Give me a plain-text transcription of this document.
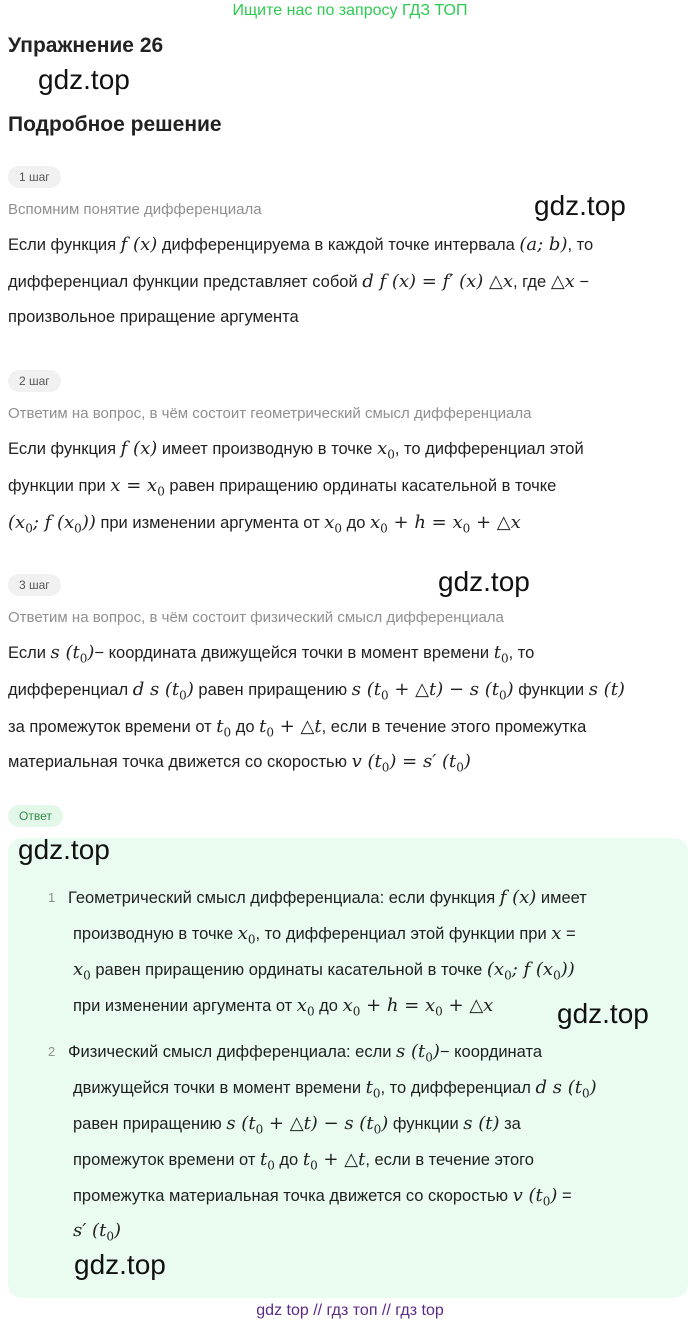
Ищите нас по запросу ГДЗ ТОП
Упражнение 26
gdz.top
Подробное решение
1 шаг
Вспомним понятие дифференциала	gdz.top
Если функция f (x) дифференцируема в каждой точке интервала (a; b), то
дифференциал функции представляет собой d f (x) = f′ (x) △x, где △x −
произвольное приращение аргумента
2 шаг
Ответим на вопрос, в чём состоит геометрический смысл дифференциала
Если функция f (x) имеет производную в точке $x_0$, то дифференциал этой
функции при $x = x_0$ равен приращению ординаты касательной в точке
($x_0$; f $(x_0)$) при изменении аргумента от $x_0$ до $x_0 + h = x_0$ + △x
3 шаг	gdz.top
Ответим на вопрос, в чём состоит физический смысл дифференциала
Если s $(t_0)-$ координата движущейся точки в момент времени $t_0$, то
дифференциал d s $(t_0)$ равен приращению s ($t_0$ + △t) − s $(t_0)$ функции s (t)
за промежуток времени от $t_0$ до $t_0$ + △t, если в течение этого промежутка
материальная точка движется со скоростью v $(t_0) = s'$ $(t_0)$
Ответ
gdz.top
1 Геометрический смысл дифференциала: если функция f (x) имеет
производную в точке $x_0$, то дифференциал этой функции при x =
$x_0$ равен приращению ординаты касательной в точке ($x_0$; f $(x_0)$)
при изменении аргумента от $x_0$ до $x_0 + h = x_0$ + △x gdz.top
2 Физический смысл дифференциала: если s $(t_0)-$ координата
движущейся точки в момент времени $t_0$, то дифференциал d s $(t_0)$
равен приращению s ($t_0$ + △t) − s $(t_0)$ функции s (t) за
промежуток времени от $t_0$ до $t_0$ + △t, если в течение этого
промежутка материальная точка движется со скоростью v $(t_0)$ =
s′ $(t_0)$
gdz.top
gdz top // гдз топ // гдз top
